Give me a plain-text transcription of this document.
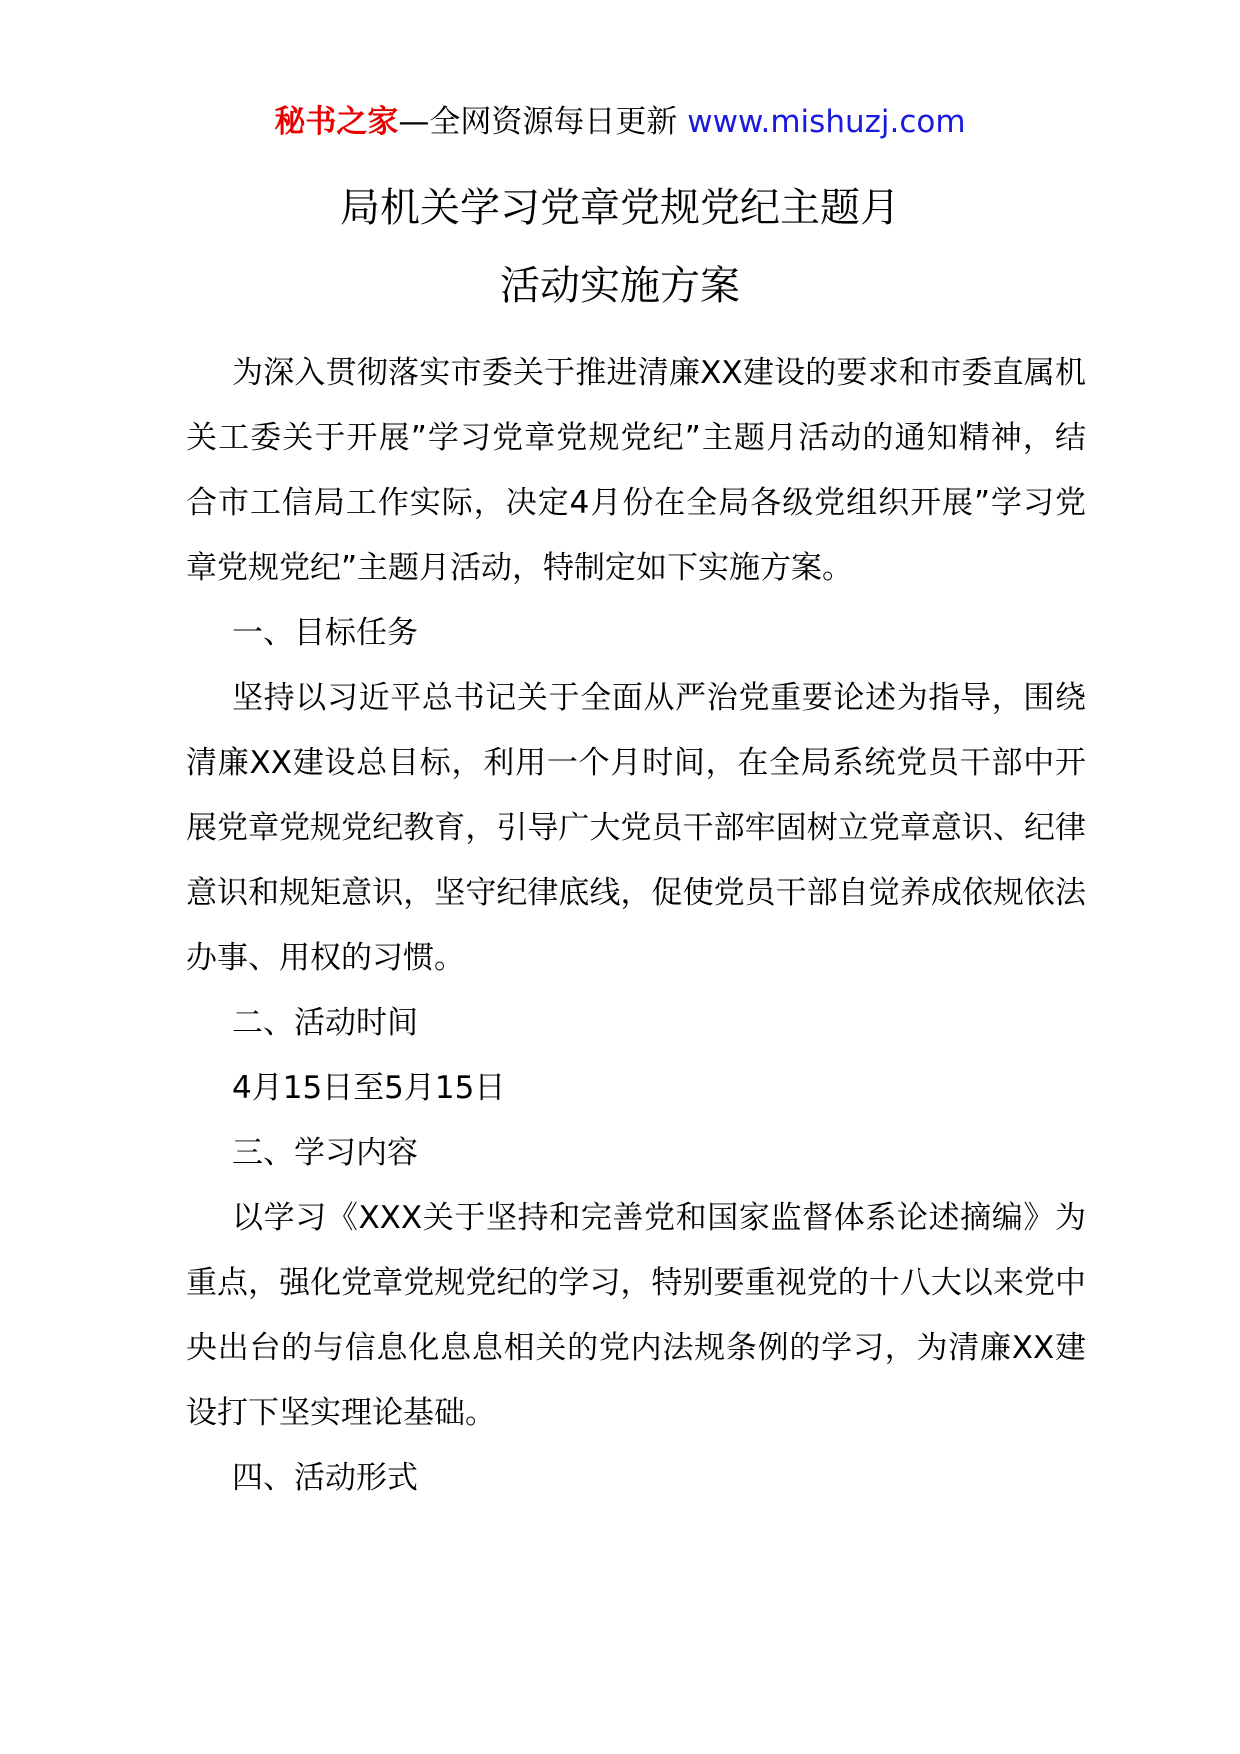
秘书之家—全网资源每日更新 www.mishuzj.com
局机关学习党章党规党纪主题月
活动实施方案

为深入贯彻落实市委关于推进清廉XX建设的要求和市委直属机关工委关于开展”学习党章党规党纪”主题月活动的通知精神，结合市工信局工作实际，决定4月份在全局各级党组织开展”学习党章党规党纪”主题月活动，特制定如下实施方案。

一、目标任务

坚持以习近平总书记关于全面从严治党重要论述为指导，围绕清廉XX建设总目标，利用一个月时间，在全局系统党员干部中开展党章党规党纪教育，引导广大党员干部牢固树立党章意识、纪律意识和规矩意识，坚守纪律底线，促使党员干部自觉养成依规依法办事、用权的习惯。

二、活动时间

4月15日至5月15日

三、学习内容

以学习《XXX关于坚持和完善党和国家监督体系论述摘编》为重点，强化党章党规党纪的学习，特别要重视党的十八大以来党中央出台的与信息化息息相关的党内法规条例的学习，为清廉XX建设打下坚实理论基础。

四、活动形式
